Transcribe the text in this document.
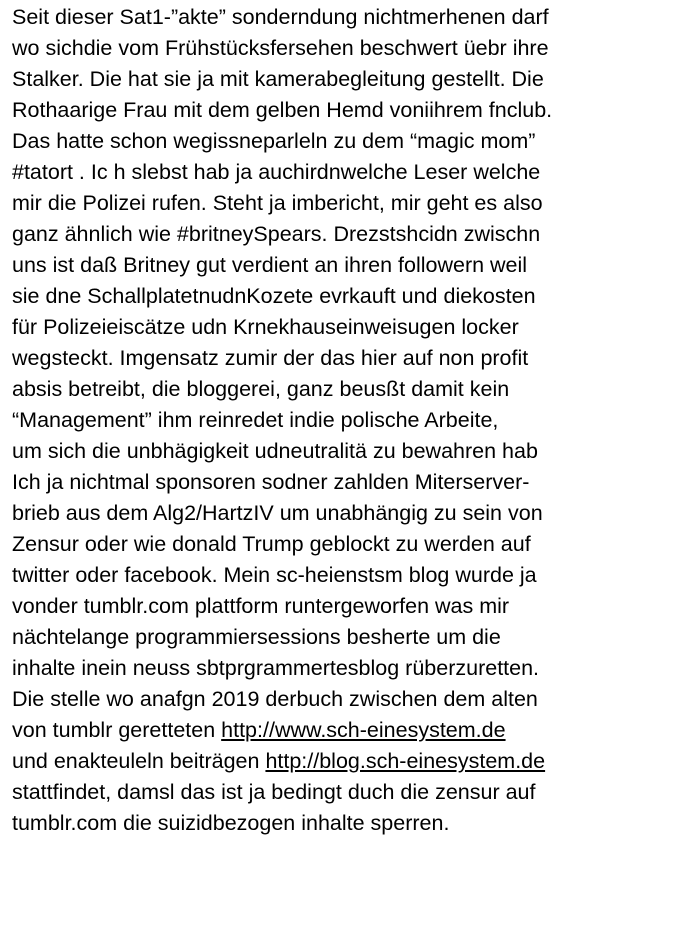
Seit dieser Sat1-”akte” sonderndung nichtmerhenen darf
wo sichdie vom Frühstücksfersehen beschwert üebr ihre
Stalker. Die hat sie ja mit kamerabegleitung gestellt. Die
Rothaarige Frau mit dem gelben Hemd voniihrem fnclub.
Das hatte schon wegissneparleln zu dem “magic mom”
#tatort . Ic h slebst hab ja auchirdnwelche Leser welche
mir die Polizei rufen. Steht ja imbericht, mir geht es also
ganz ähnlich wie #britneySpears. Drezstshcidn zwischn
uns ist daß Britney gut verdient an ihren followern weil
sie dne SchallplatetnudnKozete evrkauft und diekosten
für Polizeieiscätze udn Krnekhauseinweisugen locker
wegsteckt. Imgensatz zumir der das hier auf non profit
absis betreibt, die bloggerei, ganz beusßt damit kein
“Management” ihm reinredet indie polische Arbeite,
um sich die unbhägigkeit udneutralitä zu bewahren hab
Ich ja nichtmal sponsoren sodner zahlden Miterserver-
brieb aus dem Alg2/HartzIV um unabhängig zu sein von
Zensur oder wie donald Trump geblockt zu werden auf
twitter oder facebook. Mein sc-heienstsm blog wurde ja
vonder tumblr.com plattform runtergeworfen was mir
nächtelange programmiersessions besherte um die
inhalte inein neuss sbtprgrammertesblog rüberzuretten.
Die stelle wo anafgn 2019 derbuch zwischen dem alten
von tumblr geretteten http://www.sch-einesystem.de
und enakteuleln beiträgen http://blog.sch-einesystem.de
stattfindet, damsl das ist ja bedingt duch die zensur auf
tumblr.com die suizidbezogen inhalte sperren.
